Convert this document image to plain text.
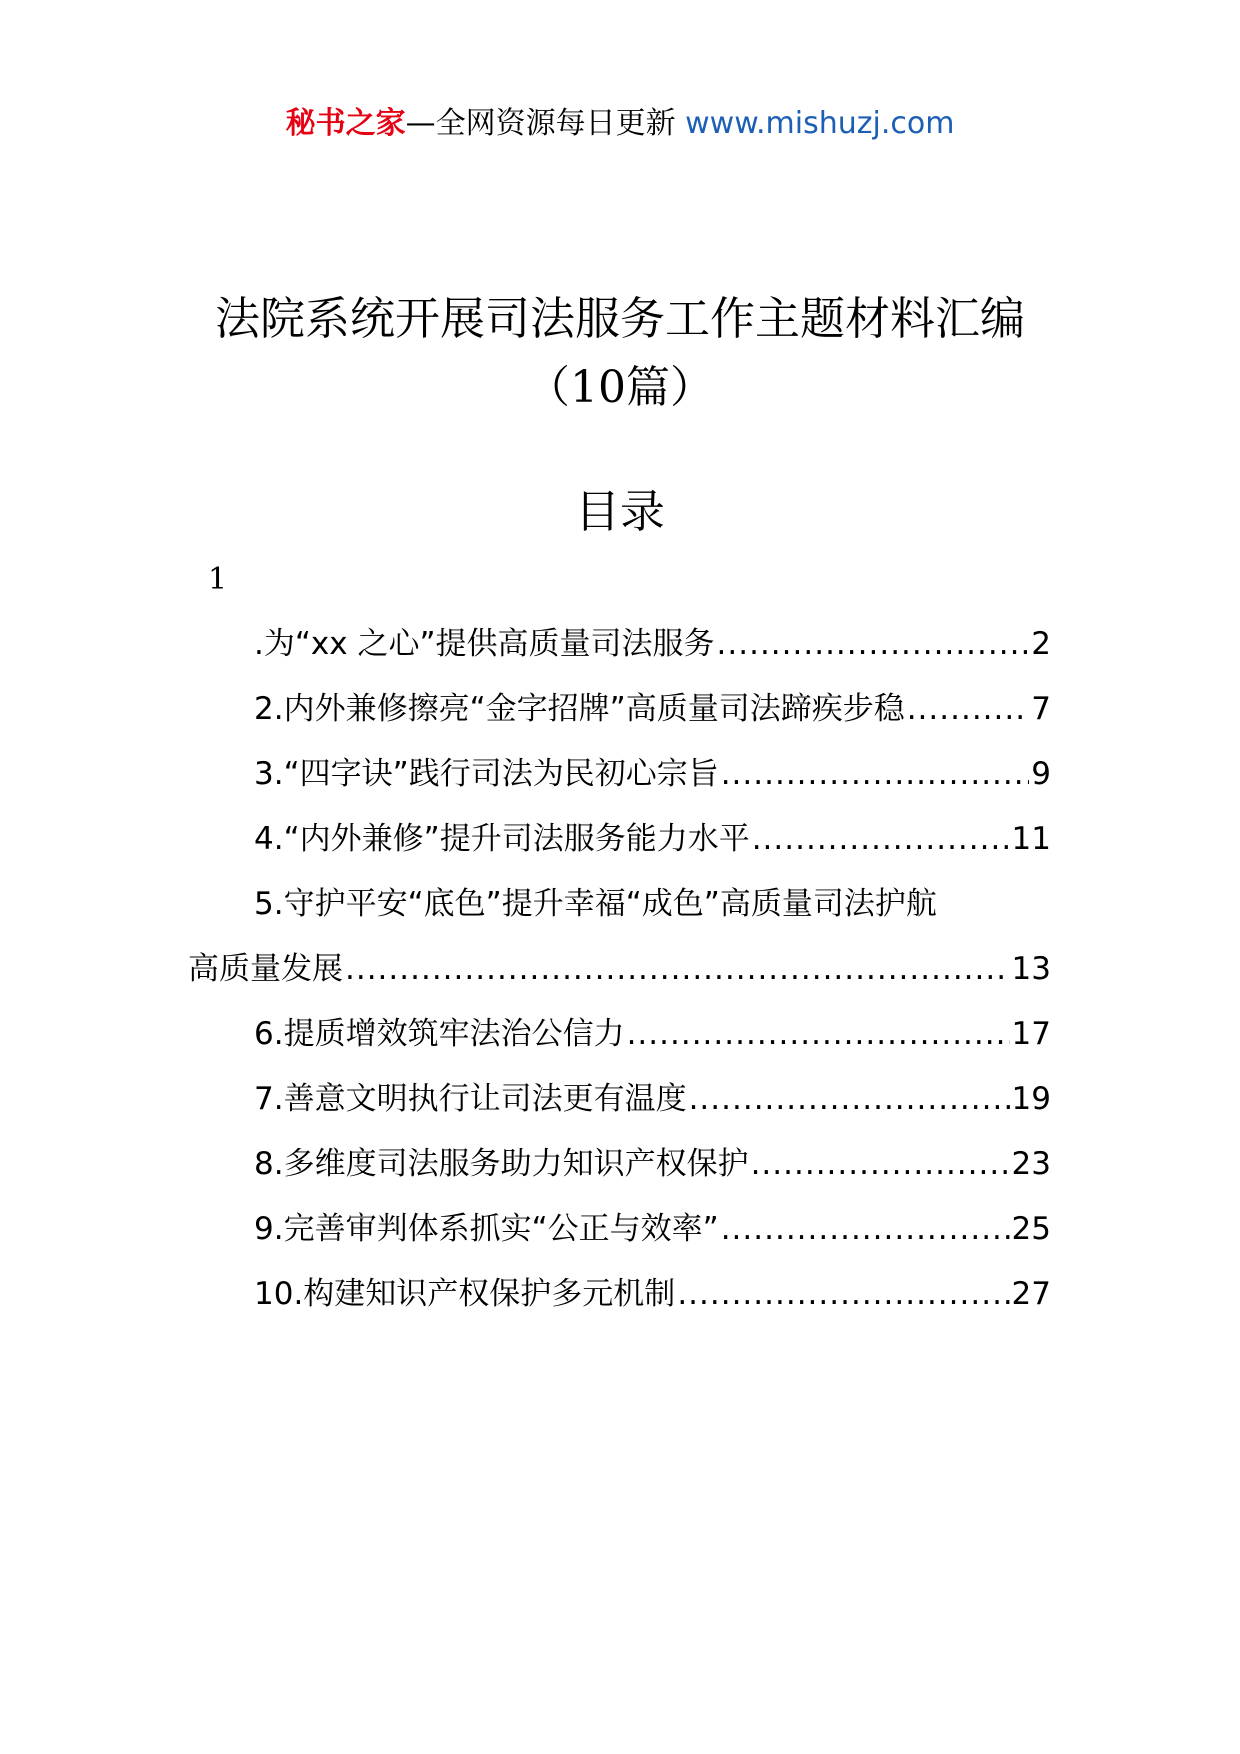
秘书之家—全网资源每日更新 www.mishuzj.com
法院系统开展司法服务工作主题材料汇编
（10篇）
目录
1
.为“xx 之心”提供高质量司法服务 .....	2
2.内外兼修擦亮“金字招牌”高质量司法蹄疾步稳 .....	7
3.“四字诀”践行司法为民初心宗旨 .....	9
4.“内外兼修”提升司法服务能力水平 .....	11
5.守护平安“底色”提升幸福“成色”高质量司法护航
高质量发展 .....	13
6.提质增效筑牢法治公信力 .....	17
7.善意文明执行让司法更有温度 .....	19
8.多维度司法服务助力知识产权保护 .....	23
9.完善审判体系抓实“公正与效率” .....	25
10.构建知识产权保护多元机制 .....	27
